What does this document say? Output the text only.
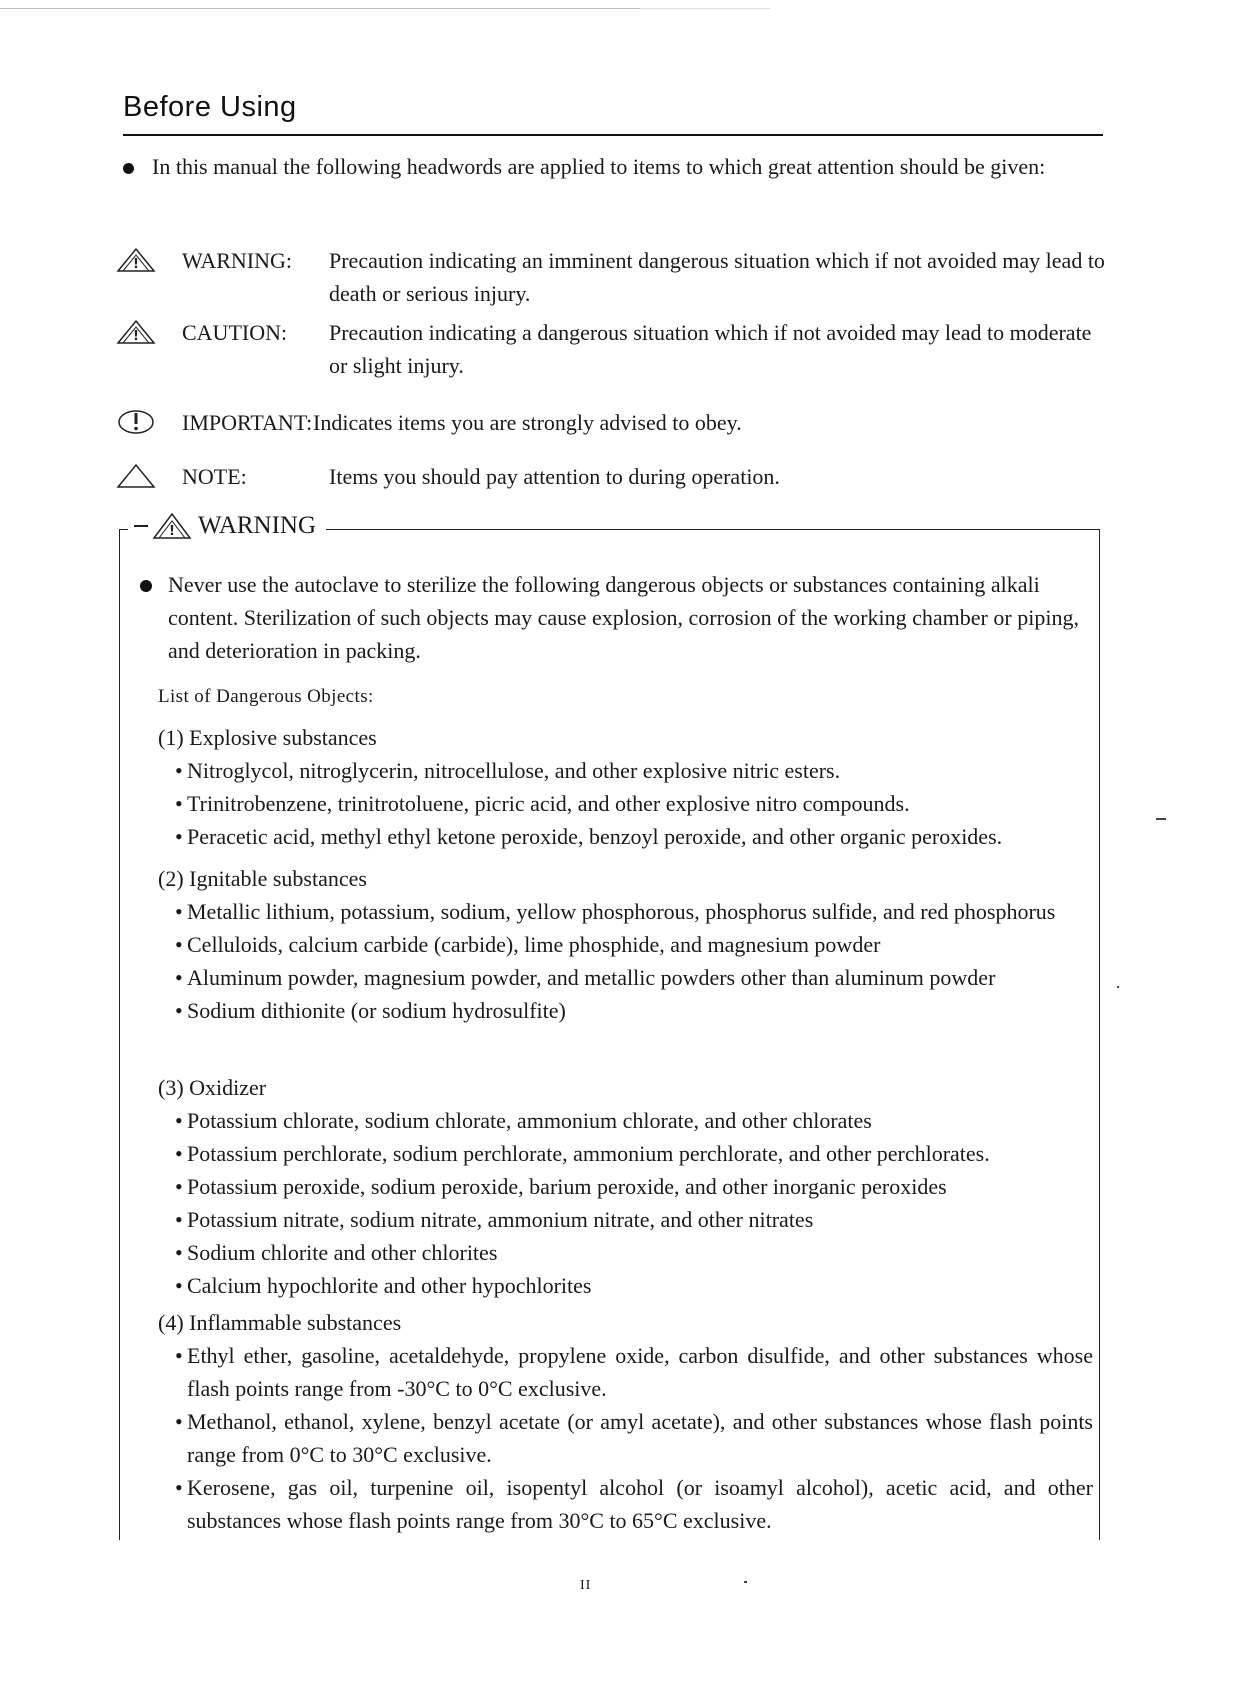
Before Using
In this manual the following headwords are applied to items to which great attention should be given:
! WARNING: Precaution indicating an imminent dangerous situation which if not avoided may lead to death or serious injury.
! CAUTION: Precaution indicating a dangerous situation which if not avoided may lead to moderate or slight injury.
IMPORTANT: Indicates items you are strongly advised to obey.
NOTE:	Items you should pay attention to during operation.
! WARNING
Never use the autoclave to sterilize the following dangerous objects or substances containing alkali content. Sterilization of such objects may cause explosion, corrosion of the working chamber or piping, and deterioration in packing.
List of Dangerous Objects:
(1) Explosive substances
• Nitroglycol, nitroglycerin, nitrocellulose, and other explosive nitric esters.
• Trinitrobenzene, trinitrotoluene, picric acid, and other explosive nitro compounds.
• Peracetic acid, methyl ethyl ketone peroxide, benzoyl peroxide, and other organic peroxides.
(2) Ignitable substances
• Metallic lithium, potassium, sodium, yellow phosphorous, phosphorus sulfide, and red phosphorus
• Celluloids, calcium carbide (carbide), lime phosphide, and magnesium powder
• Aluminum powder, magnesium powder, and metallic powders other than aluminum powder
• Sodium dithionite (or sodium hydrosulfite)
(3) Oxidizer
• Potassium chlorate, sodium chlorate, ammonium chlorate, and other chlorates
• Potassium perchlorate, sodium perchlorate, ammonium perchlorate, and other perchlorates.
• Potassium peroxide, sodium peroxide, barium peroxide, and other inorganic peroxides
• Potassium nitrate, sodium nitrate, ammonium nitrate, and other nitrates
• Sodium chlorite and other chlorites
• Calcium hypochlorite and other hypochlorites
(4) Inflammable substances
• Ethyl ether, gasoline, acetaldehyde, propylene oxide, carbon disulfide, and other substances whose flash points range from -30°C to 0°C exclusive.
• Methanol, ethanol, xylene, benzyl acetate (or amyl acetate), and other substances whose flash points range from 0°C to 30°C exclusive.
• Kerosene, gas oil, turpenine oil, isopentyl alcohol (or isoamyl alcohol), acetic acid, and other substances whose flash points range from 30°C to 65°C exclusive.
II
